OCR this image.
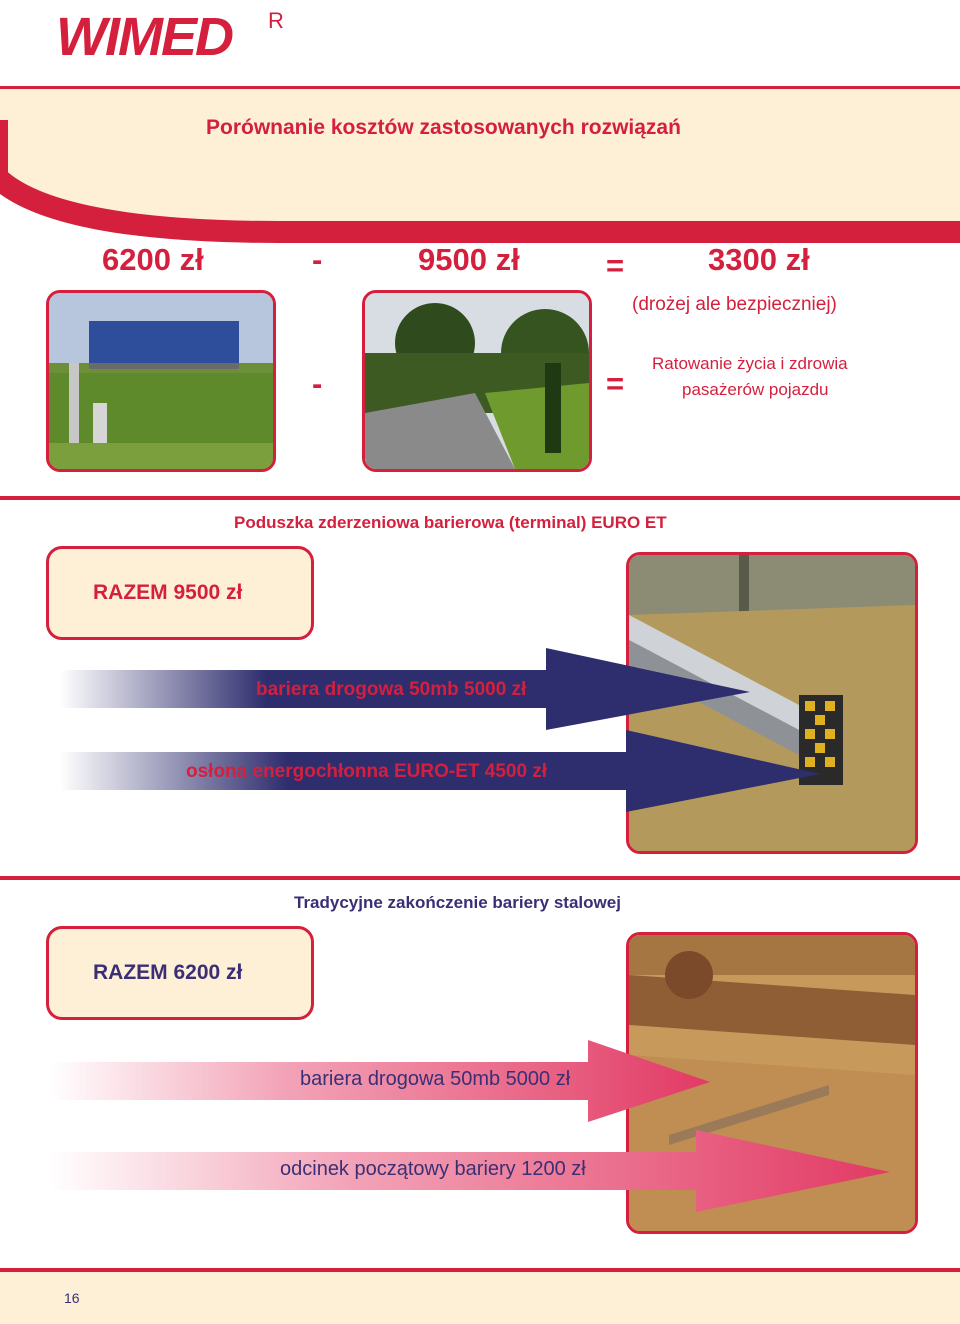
WIMED R
Porównanie kosztów zastosowanych rozwiązań
6200 zł	-	9500 zł	=	3300 zł
(drożej ale bezpieczniej)
-	=
Ratowanie życia i zdrowia
pasażerów pojazdu
Poduszka zderzeniowa barierowa (terminal) EURO ET
RAZEM 9500 zł
bariera drogowa 50mb 5000 zł
osłona energochłonna EURO-ET 4500 zł
Tradycyjne zakończenie bariery stalowej
RAZEM 6200 zł
bariera drogowa 50mb 5000 zł
odcinek początowy bariery 1200 zł
16
